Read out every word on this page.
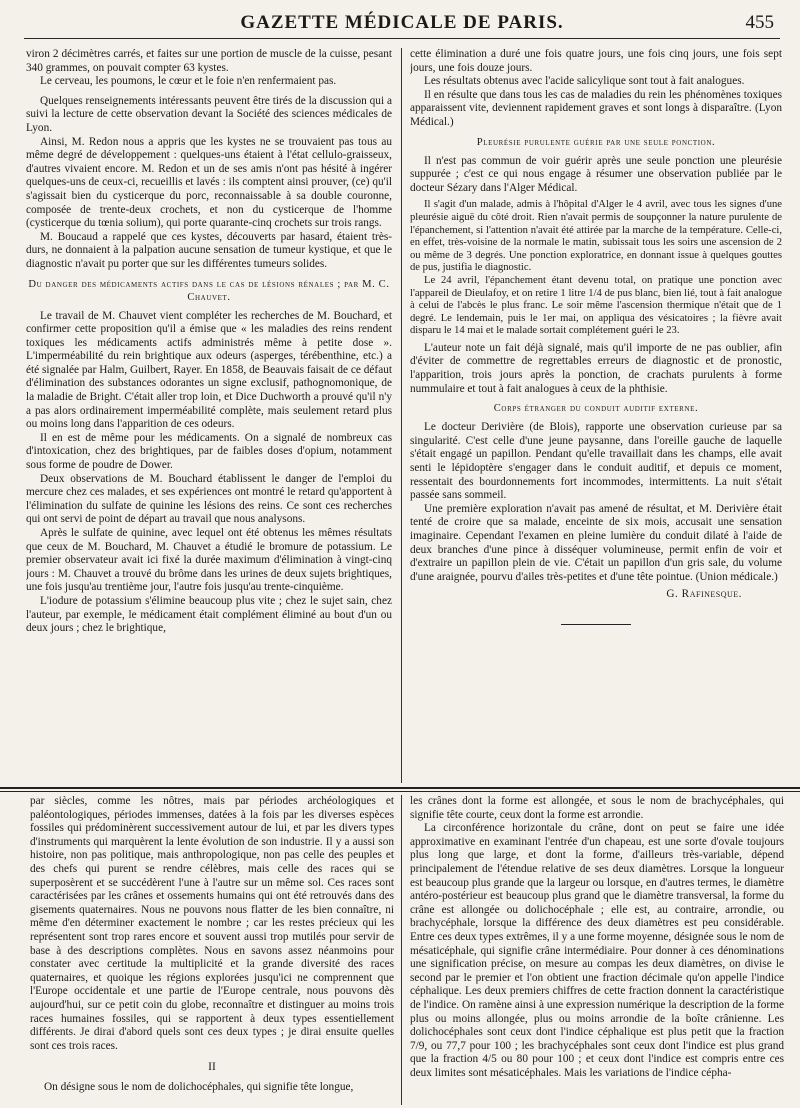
GAZETTE MÉDICALE DE PARIS.	455

viron 2 décimètres carrés, et faites sur une portion de muscle de la cuisse, pesant 340 grammes, on pouvait compter 63 kystes.

Le cerveau, les poumons, le cœur et le foie n'en renfermaient pas.

Quelques renseignements intéressants peuvent être tirés de la discussion qui a suivi la lecture de cette observation devant la Société des sciences médicales de Lyon.

Ainsi, M. Redon nous a appris que les kystes ne se trouvaient pas tous au même degré de développement : quelques-uns étaient à l'état cellulo-graisseux, d'autres vivaient encore. M. Redon et un de ses amis n'ont pas hésité à ingérer quelques-uns de ceux-ci, recueillis et lavés : ils comptent ainsi prouver, (ce) qu'il s'agissait bien du cysticerque du porc, reconnaissable à sa double couronne, composée de trente-deux crochets, et non du cysticerque de l'homme (cysticerque du tœnia solium), qui porte quarante-cinq crochets sur trois rangs.

M. Boucaud a rappelé que ces kystes, découverts par hasard, étaient très-durs, ne donnaient à la palpation aucune sensation de tumeur kystique, et que le diagnostic n'avait pu porter que sur les différentes tumeurs solides.

Du danger des médicaments actifs dans le cas de lésions rénales ; par M. C. Chauvet.

Le travail de M. Chauvet vient compléter les recherches de M. Bouchard, et confirmer cette proposition qu'il a émise que « les maladies des reins rendent toxiques les médicaments actifs administrés même à petite dose ». L'imperméabilité du rein brightique aux odeurs (asperges, térébenthine, etc.) a été signalée par Halm, Guilbert, Rayer. En 1858, de Beauvais faisait de ce défaut d'élimination des substances odorantes un signe exclusif, pathognomonique, de la maladie de Bright. C'était aller trop loin, et Dice Duchworth a prouvé qu'il n'y a pas alors ordinairement imperméabilité complète, mais seulement retard plus ou moins long dans l'apparition de ces odeurs.

Il en est de même pour les médicaments. On a signalé de nombreux cas d'intoxication, chez des brightiques, par de faibles doses d'opium, notamment sous forme de poudre de Dower.

Deux observations de M. Bouchard établissent le danger de l'emploi du mercure chez ces malades, et ses expériences ont montré le retard qu'apportent à l'élimination du sulfate de quinine les lésions des reins. Ce sont ces recherches qui ont servi de point de départ au travail que nous analysons.

Après le sulfate de quinine, avec lequel ont été obtenus les mêmes résultats que ceux de M. Bouchard, M. Chauvet a étudié le bromure de potassium. Le premier observateur avait ici fixé la durée maximum d'élimination à vingt-cinq jours : M. Chauvet a trouvé du brôme dans les urines de deux sujets brightiques, une fois jusqu'au trentième jour, l'autre fois jusqu'au trente-cinquième.

L'iodure de potassium s'élimine beaucoup plus vite ; chez le sujet sain, chez l'auteur, par exemple, le médicament était complément éliminé au bout d'un ou deux jours ; chez le brightique,

cette élimination a duré une fois quatre jours, une fois cinq jours, une fois sept jours, une fois douze jours.

Les résultats obtenus avec l'acide salicylique sont tout à fait analogues.

Il en résulte que dans tous les cas de maladies du rein les phénomènes toxiques apparaissent vite, deviennent rapidement graves et sont longs à disparaître. (Lyon Médical.)

Pleurésie purulente guérie par une seule ponction.

Il n'est pas commun de voir guérir après une seule ponction une pleurésie suppurée ; c'est ce qui nous engage à résumer une observation publiée par le docteur Sézary dans l'Alger Médical.

Il s'agit d'un malade, admis à l'hôpital d'Alger le 4 avril, avec tous les signes d'une pleurésie aiguë du côté droit. Rien n'avait permis de soupçonner la nature purulente de l'épanchement, si l'attention n'avait été attirée par la marche de la température. Celle-ci, en effet, très-voisine de la normale le matin, subissait tous les soirs une ascension de 2 ou même de 3 degrés. Une ponction exploratrice, en donnant issue à quelques gouttes de pus, justifia le diagnostic.

Le 24 avril, l'épanchement étant devenu total, on pratique une ponction avec l'appareil de Dieulafoy, et on retire 1 litre 1/4 de pus blanc, bien lié, tout à fait analogue à celui de l'abcès le plus franc. Le soir même l'ascension thermique n'était que de 1 degré. Le lendemain, puis le 1er mai, on appliqua des vésicatoires ; la fièvre avait disparu le 14 mai et le malade sortait complétement guéri le 23.

L'auteur note un fait déjà signalé, mais qu'il importe de ne pas oublier, afin d'éviter de commettre de regrettables erreurs de diagnostic et de pronostic, l'apparition, trois jours après la ponction, de crachats purulents à forme nummulaire et tout à fait analogues à ceux de la phthisie.

Corps étranger du conduit auditif externe.

Le docteur Derivière (de Blois), rapporte une observation curieuse par sa singularité. C'est celle d'une jeune paysanne, dans l'oreille gauche de laquelle s'était engagé un papillon. Pendant qu'elle travaillait dans les champs, elle avait senti le lépidoptère s'engager dans le conduit auditif, et depuis ce moment, ressentait des bourdonnements fort incommodes, intermittents. La nuit s'était passée sans sommeil.

Une première exploration n'avait pas amené de résultat, et M. Derivière était tenté de croire que sa malade, enceinte de six mois, accusait une sensation imaginaire. Cependant l'examen en pleine lumière du conduit dilaté à l'aide de deux branches d'une pince à disséquer volumineuse, permit enfin de voir et d'extraire un papillon plein de vie. C'était un papillon d'un gris sale, du volume d'une araignée, pourvu d'ailes très-petites et d'une tête pointue. (Union médicale.)

G. Rafinesque.

par siècles, comme les nôtres, mais par périodes archéologiques et paléontologiques, périodes immenses, datées à la fois par les diverses espèces fossiles qui prédominèrent successivement autour de lui, et par les divers types d'instruments qui marquèrent la lente évolution de son industrie. Il y a aussi son histoire, non pas politique, mais anthropologique, non pas celle des peuples et des chefs qui purent se rendre célèbres, mais celle des races qui se superposèrent et se succédèrent l'une à l'autre sur un même sol. Ces races sont caractérisées par les crânes et ossements humains qui ont été retrouvés dans des gisements quaternaires. Nous ne pouvons nous flatter de les bien connaître, ni même d'en déterminer exactement le nombre ; car les restes précieux qui les représentent sont trop rares encore et souvent aussi trop mutilés pour servir de base à des descriptions complètes. Nous en savons assez néanmoins pour constater avec certitude la multiplicité et la grande diversité des races quaternaires, et quoique les régions explorées jusqu'ici ne comprennent que l'Europe occidentale et une partie de l'Europe centrale, nous pouvons dès aujourd'hui, sur ce petit coin du globe, reconnaître et distinguer au moins trois races humaines fossiles, qui se rapportent à deux types essentiellement différents. Je dirai d'abord quels sont ces deux types ; je dirai ensuite quelles sont ces trois races.

II

On désigne sous le nom de dolichocéphales, qui signifie tête longue,

les crânes dont la forme est allongée, et sous le nom de brachycéphales, qui signifie tête courte, ceux dont la forme est arrondie.

La circonférence horizontale du crâne, dont on peut se faire une idée approximative en examinant l'entrée d'un chapeau, est une sorte d'ovale toujours plus long que large, et dont la forme, d'ailleurs très-variable, dépend principalement de l'étendue relative de ses deux diamètres. Lorsque la longueur est beaucoup plus grande que la largeur ou lorsque, en d'autres termes, le diamètre antéro-postérieur est beaucoup plus grand que le diamètre transversal, la forme du crâne est allongée ou dolichocéphale ; elle est, au contraire, arrondie, ou brachycéphale, lorsque la différence des deux diamètres est peu considérable. Entre ces deux types extrêmes, il y a une forme moyenne, désignée sous le nom de mésaticéphale, qui signifie crâne intermédiaire. Pour donner à ces dénominations une signification précise, on mesure au compas les deux diamètres, on divise le second par le premier et l'on obtient une fraction décimale qu'on appelle l'indice céphalique. Les deux premiers chiffres de cette fraction donnent la caractéristique de l'indice. On ramène ainsi à une expression numérique la description de la forme plus ou moins allongée, plus ou moins arrondie de la boîte crânienne. Les dolichocéphales sont ceux dont l'indice céphalique est plus petit que la fraction 7/9, ou 77,7 pour 100 ; les brachycéphales sont ceux dont l'indice est plus grand que la fraction 4/5 ou 80 pour 100 ; et ceux dont l'indice est compris entre ces deux limites sont mésaticéphales. Mais les variations de l'indice cépha-
